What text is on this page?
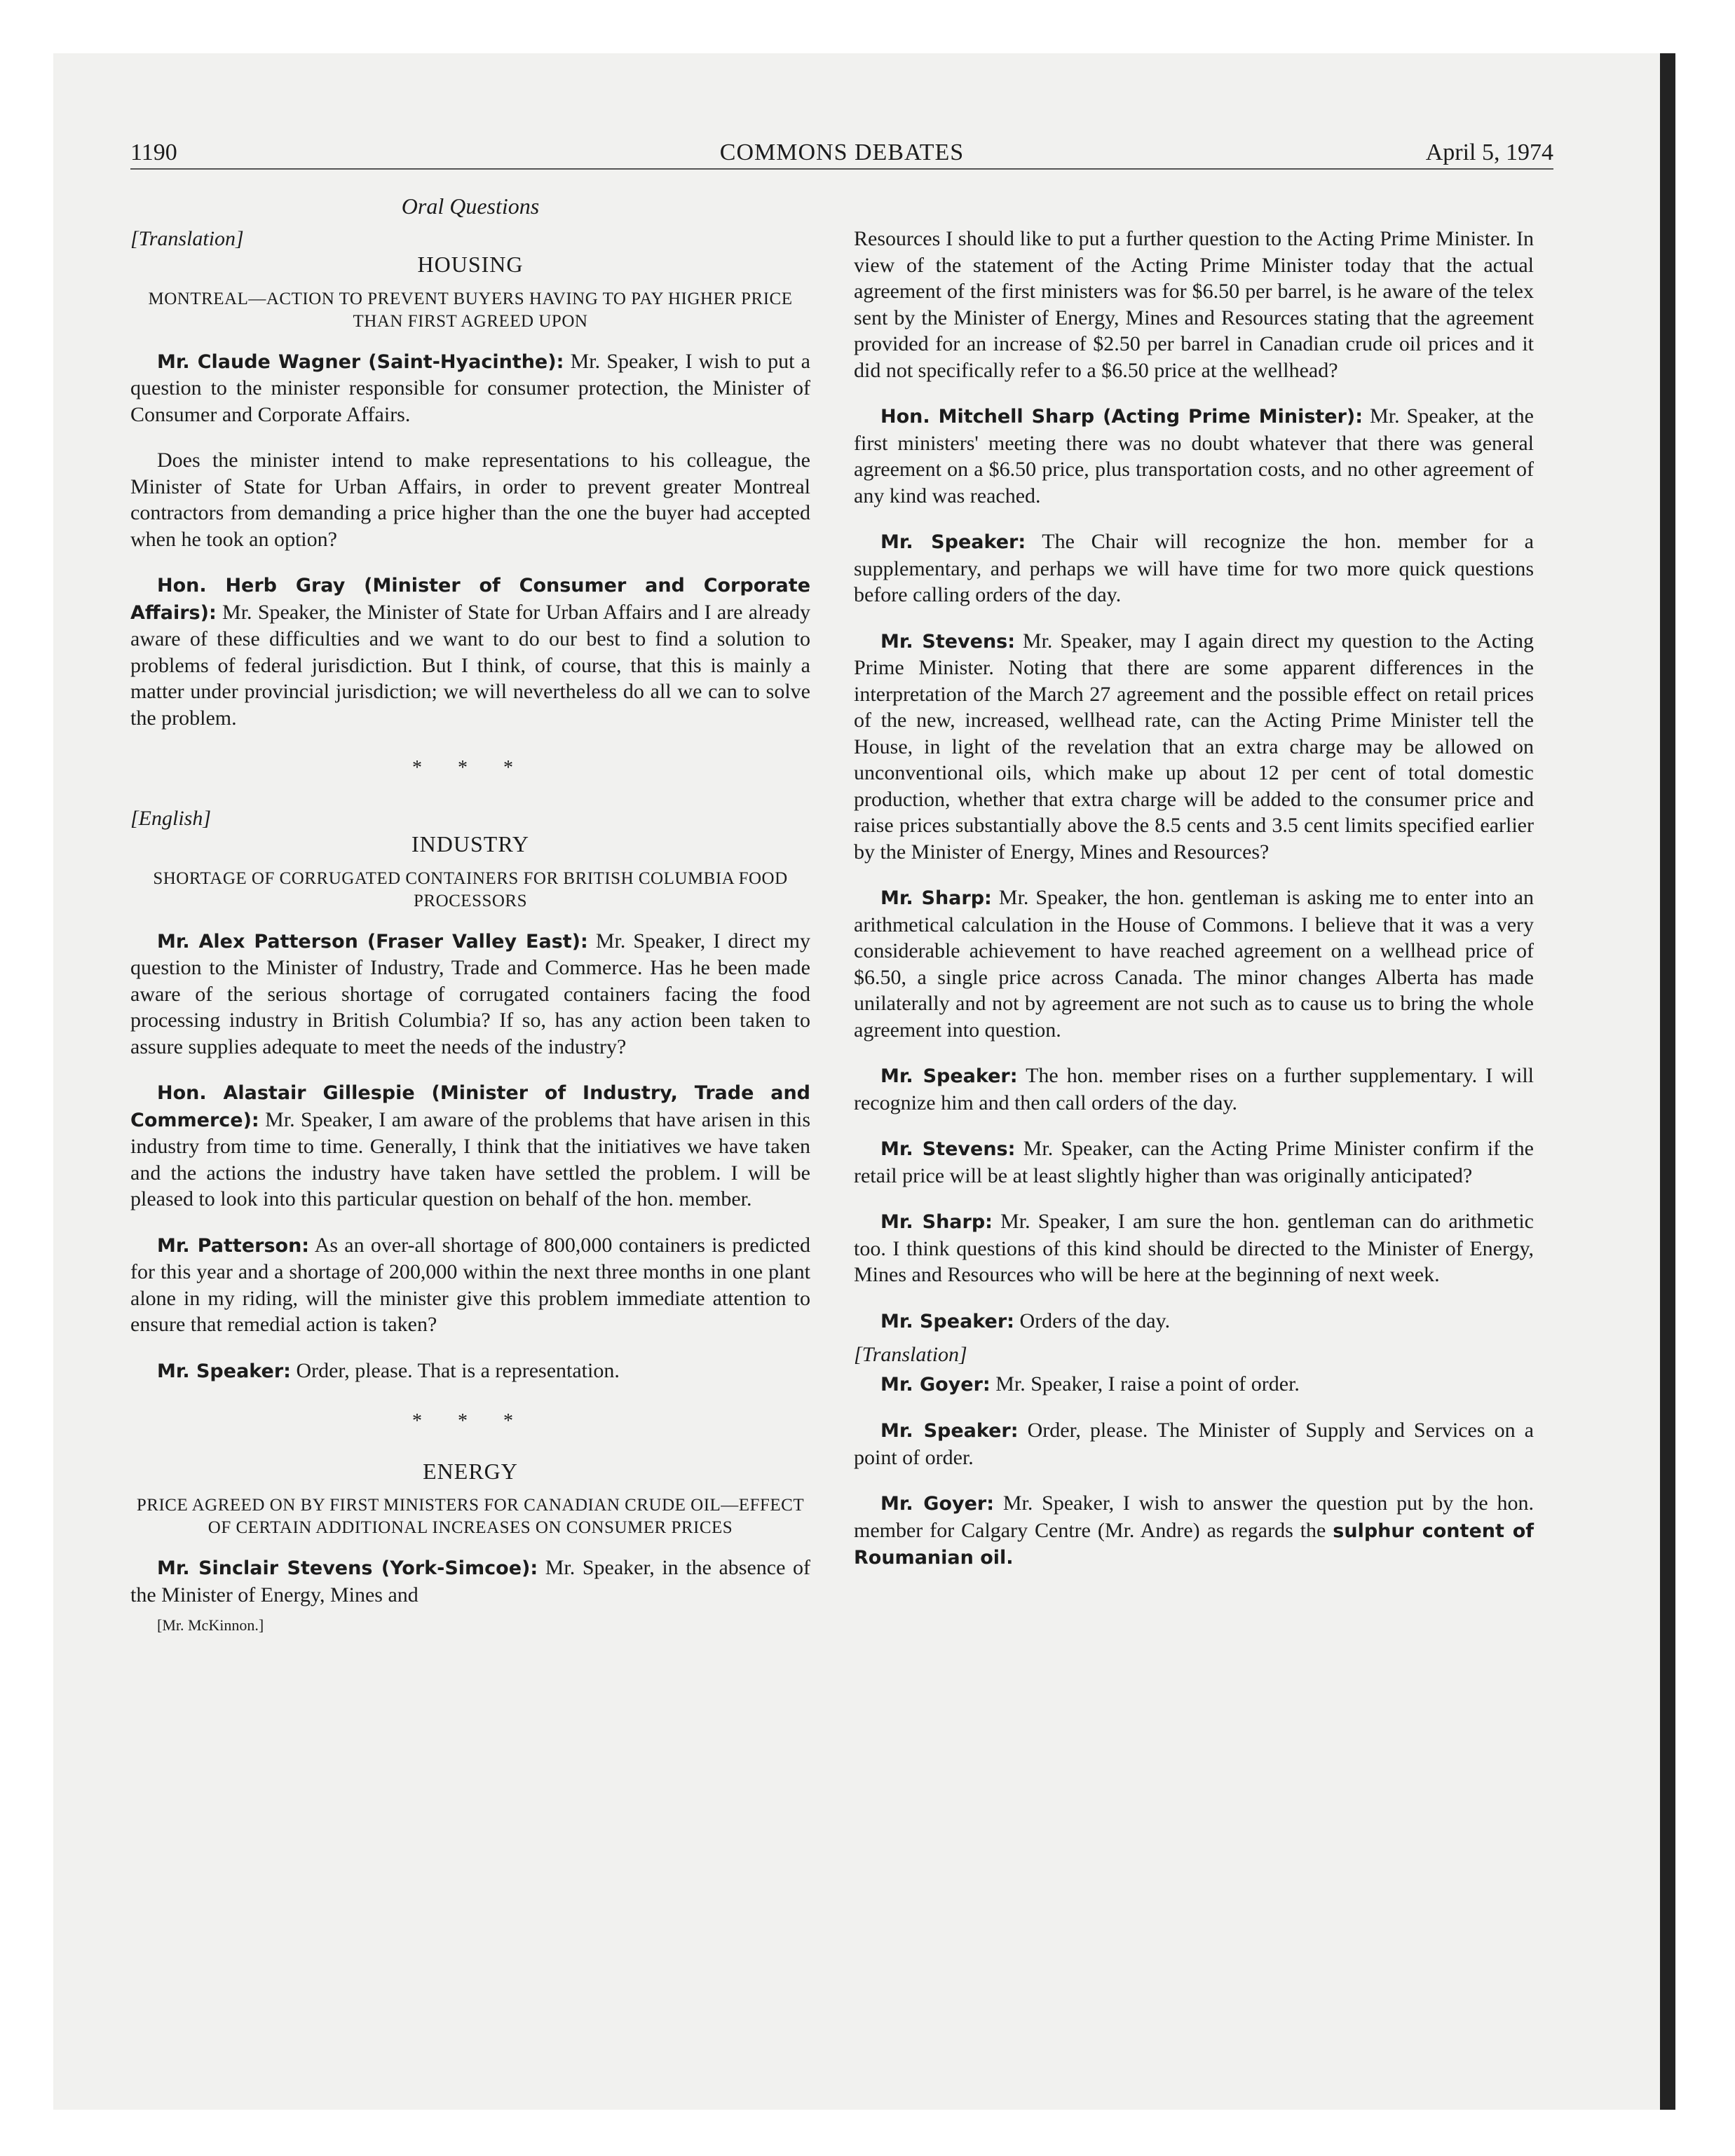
1190	COMMONS DEBATES	April 5, 1974

Oral Questions

[Translation]

HOUSING

MONTREAL—ACTION TO PREVENT BUYERS HAVING TO PAY HIGHER PRICE THAN FIRST AGREED UPON

Mr. Claude Wagner (Saint-Hyacinthe): Mr. Speaker, I wish to put a question to the minister responsible for consumer protection, the Minister of Consumer and Corporate Affairs.

Does the minister intend to make representations to his colleague, the Minister of State for Urban Affairs, in order to prevent greater Montreal contractors from demanding a price higher than the one the buyer had accepted when he took an option?

Hon. Herb Gray (Minister of Consumer and Corporate Affairs): Mr. Speaker, the Minister of State for Urban Affairs and I are already aware of these difficulties and we want to do our best to find a solution to problems of federal jurisdiction. But I think, of course, that this is mainly a matter under provincial jurisdiction; we will nevertheless do all we can to solve the problem.

* * *

[English]

INDUSTRY

SHORTAGE OF CORRUGATED CONTAINERS FOR BRITISH COLUMBIA FOOD PROCESSORS

Mr. Alex Patterson (Fraser Valley East): Mr. Speaker, I direct my question to the Minister of Industry, Trade and Commerce. Has he been made aware of the serious shortage of corrugated containers facing the food processing industry in British Columbia? If so, has any action been taken to assure supplies adequate to meet the needs of the industry?

Hon. Alastair Gillespie (Minister of Industry, Trade and Commerce): Mr. Speaker, I am aware of the problems that have arisen in this industry from time to time. Generally, I think that the initiatives we have taken and the actions the industry have taken have settled the problem. I will be pleased to look into this particular question on behalf of the hon. member.

Mr. Patterson: As an over-all shortage of 800,000 containers is predicted for this year and a shortage of 200,000 within the next three months in one plant alone in my riding, will the minister give this problem immediate attention to ensure that remedial action is taken?

Mr. Speaker: Order, please. That is a representation.

* * *

ENERGY

PRICE AGREED ON BY FIRST MINISTERS FOR CANADIAN CRUDE OIL—EFFECT OF CERTAIN ADDITIONAL INCREASES ON CONSUMER PRICES

Mr. Sinclair Stevens (York-Simcoe): Mr. Speaker, in the absence of the Minister of Energy, Mines and

[Mr. McKinnon.]

Resources I should like to put a further question to the Acting Prime Minister. In view of the statement of the Acting Prime Minister today that the actual agreement of the first ministers was for $6.50 per barrel, is he aware of the telex sent by the Minister of Energy, Mines and Resources stating that the agreement provided for an increase of $2.50 per barrel in Canadian crude oil prices and it did not specifically refer to a $6.50 price at the wellhead?

Hon. Mitchell Sharp (Acting Prime Minister): Mr. Speaker, at the first ministers' meeting there was no doubt whatever that there was general agreement on a $6.50 price, plus transportation costs, and no other agreement of any kind was reached.

Mr. Speaker: The Chair will recognize the hon. member for a supplementary, and perhaps we will have time for two more quick questions before calling orders of the day.

Mr. Stevens: Mr. Speaker, may I again direct my question to the Acting Prime Minister. Noting that there are some apparent differences in the interpretation of the March 27 agreement and the possible effect on retail prices of the new, increased, wellhead rate, can the Acting Prime Minister tell the House, in light of the revelation that an extra charge may be allowed on unconventional oils, which make up about 12 per cent of total domestic production, whether that extra charge will be added to the consumer price and raise prices substantially above the 8.5 cents and 3.5 cent limits specified earlier by the Minister of Energy, Mines and Resources?

Mr. Sharp: Mr. Speaker, the hon. gentleman is asking me to enter into an arithmetical calculation in the House of Commons. I believe that it was a very considerable achievement to have reached agreement on a wellhead price of $6.50, a single price across Canada. The minor changes Alberta has made unilaterally and not by agreement are not such as to cause us to bring the whole agreement into question.

Mr. Speaker: The hon. member rises on a further supplementary. I will recognize him and then call orders of the day.

Mr. Stevens: Mr. Speaker, can the Acting Prime Minister confirm if the retail price will be at least slightly higher than was originally anticipated?

Mr. Sharp: Mr. Speaker, I am sure the hon. gentleman can do arithmetic too. I think questions of this kind should be directed to the Minister of Energy, Mines and Resources who will be here at the beginning of next week.

Mr. Speaker: Orders of the day.

[Translation]

Mr. Goyer: Mr. Speaker, I raise a point of order.

Mr. Speaker: Order, please. The Minister of Supply and Services on a point of order.

Mr. Goyer: Mr. Speaker, I wish to answer the question put by the hon. member for Calgary Centre (Mr. Andre) as regards the sulphur content of Roumanian oil.
